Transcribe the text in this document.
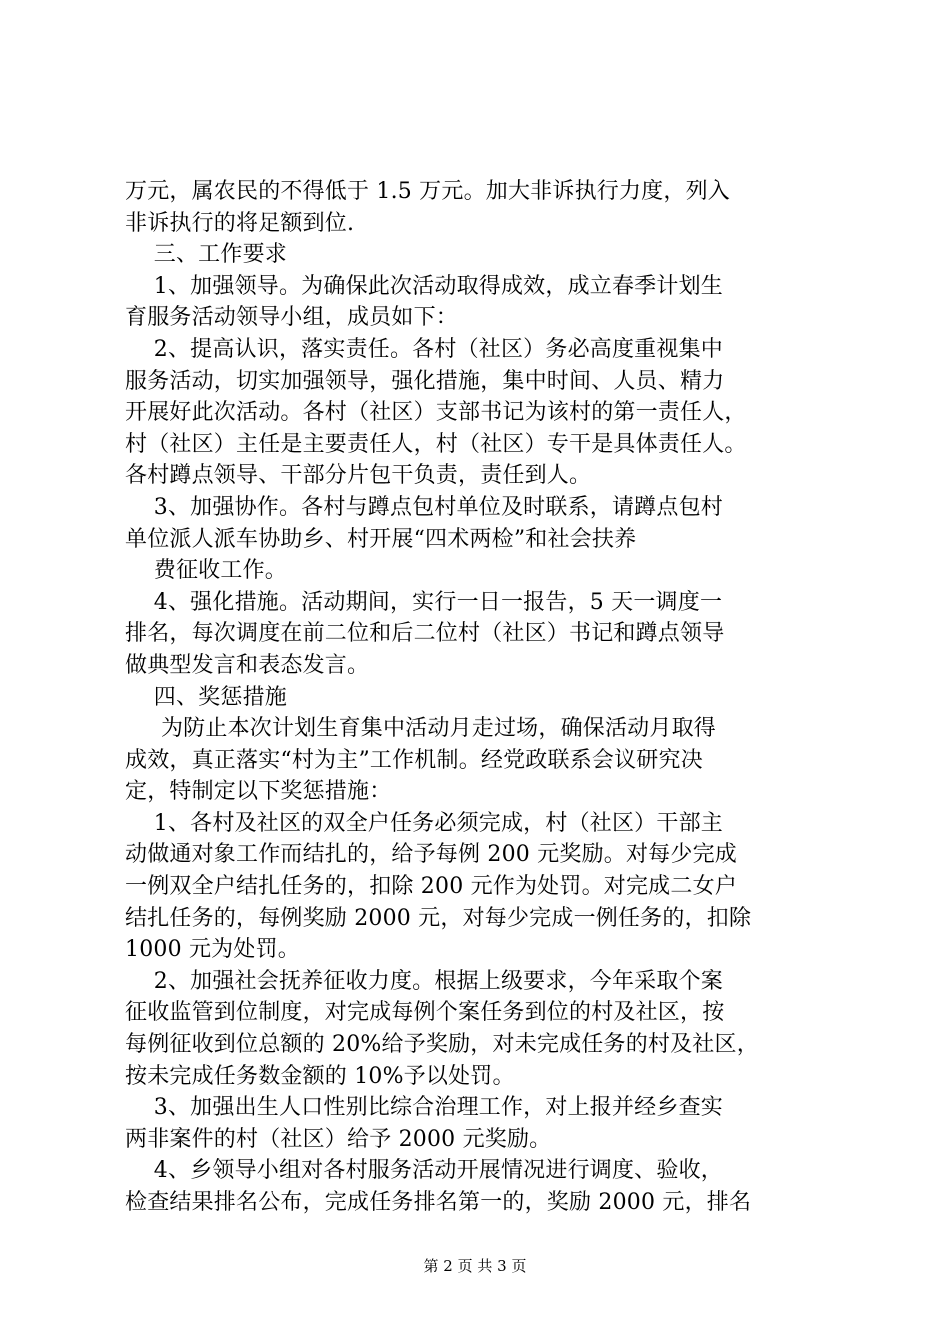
万元，属农民的不得低于 1.5 万元。加大非诉执行力度，列入
非诉执行的将足额到位.
三、工作要求
1、加强领导。为确保此次活动取得成效，成立春季计划生
育服务活动领导小组，成员如下：
2、提高认识，落实责任。各村（社区）务必高度重视集中
服务活动，切实加强领导，强化措施，集中时间、人员、精力
开展好此次活动。各村（社区）支部书记为该村的第一责任人，
村（社区）主任是主要责任人，村（社区）专干是具体责任人。
各村蹲点领导、干部分片包干负责，责任到人。
3、加强协作。各村与蹲点包村单位及时联系，请蹲点包村
单位派人派车协助乡、村开展“四术两检”和社会扶养
费征收工作。
4、强化措施。活动期间，实行一日一报告，5 天一调度一
排名，每次调度在前二位和后二位村（社区）书记和蹲点领导
做典型发言和表态发言。
四、奖惩措施
为防止本次计划生育集中活动月走过场，确保活动月取得
成效，真正落实“村为主”工作机制。经党政联系会议研究决
定，特制定以下奖惩措施：
1、各村及社区的双全户任务必须完成，村（社区）干部主
动做通对象工作而结扎的，给予每例 200 元奖励。对每少完成
一例双全户结扎任务的，扣除 200 元作为处罚。对完成二女户
结扎任务的，每例奖励 2000 元，对每少完成一例任务的，扣除
1000 元为处罚。
2、加强社会抚养征收力度。根据上级要求，今年采取个案
征收监管到位制度，对完成每例个案任务到位的村及社区，按
每例征收到位总额的 20%给予奖励，对未完成任务的村及社区，
按未完成任务数金额的 10%予以处罚。
3、加强出生人口性别比综合治理工作，对上报并经乡查实
两非案件的村（社区）给予 2000 元奖励。
4、乡领导小组对各村服务活动开展情况进行调度、验收，
检查结果排名公布，完成任务排名第一的，奖励 2000 元，排名
第 2 页 共 3 页
